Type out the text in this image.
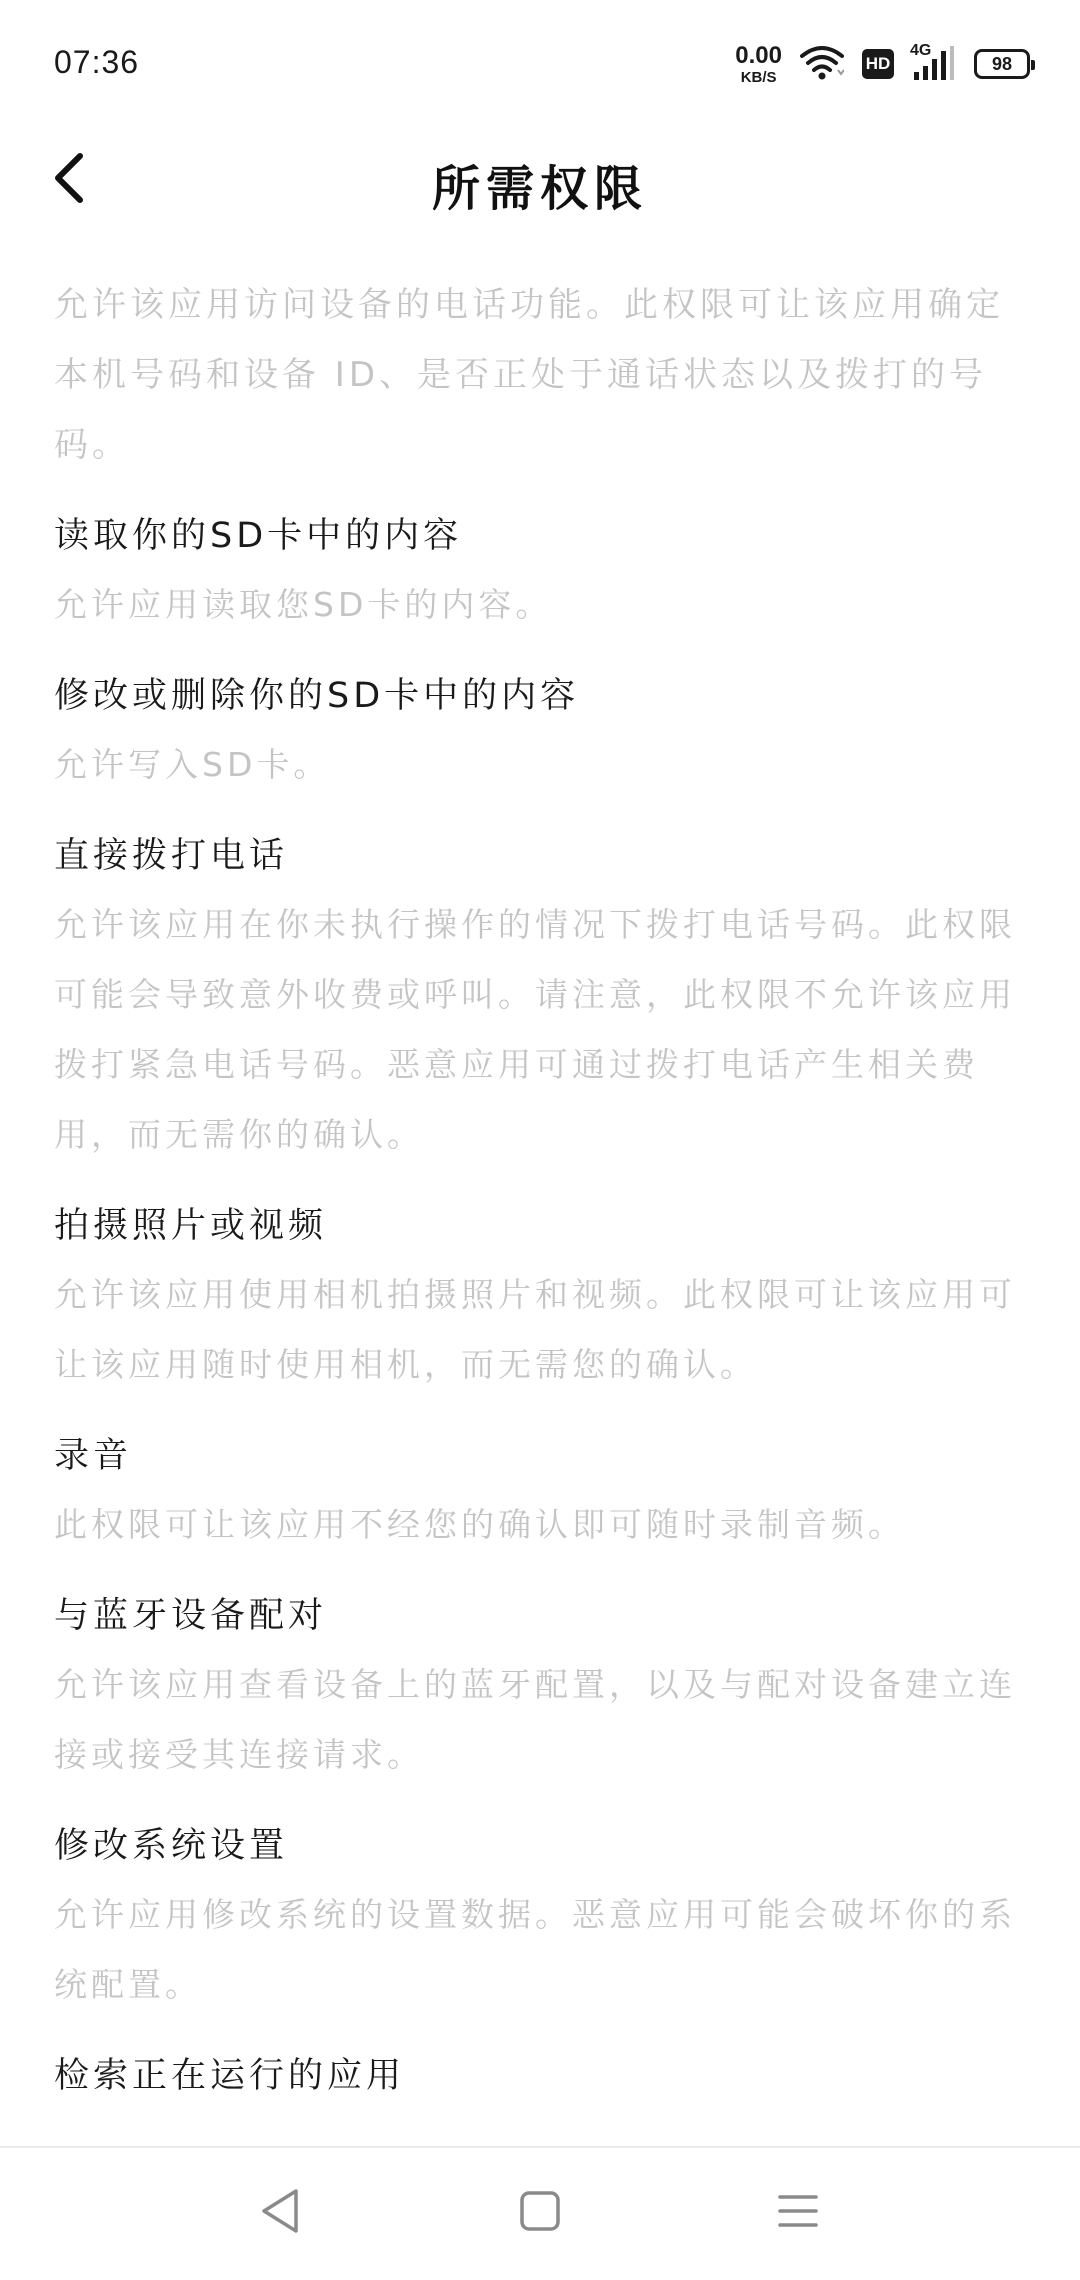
07:36	0.00
KB/S
HD
4G
98
所需权限

允许该应用访问设备的电话功能。此权限可让该应用确定本机号码和设备 ID、是否正处于通话状态以及拨打的号码。

读取你的SD卡中的内容

允许应用读取您SD卡的内容。

修改或删除你的SD卡中的内容

允许写入SD卡。

直接拨打电话

允许该应用在你未执行操作的情况下拨打电话号码。此权限可能会导致意外收费或呼叫。请注意，此权限不允许该应用拨打紧急电话号码。恶意应用可通过拨打电话产生相关费用，而无需你的确认。

拍摄照片或视频

允许该应用使用相机拍摄照片和视频。此权限可让该应用可让该应用随时使用相机，而无需您的确认。

录音

此权限可让该应用不经您的确认即可随时录制音频。

与蓝牙设备配对

允许该应用查看设备上的蓝牙配置，以及与配对设备建立连接或接受其连接请求。

修改系统设置

允许应用修改系统的设置数据。恶意应用可能会破坏你的系统配置。

检索正在运行的应用
